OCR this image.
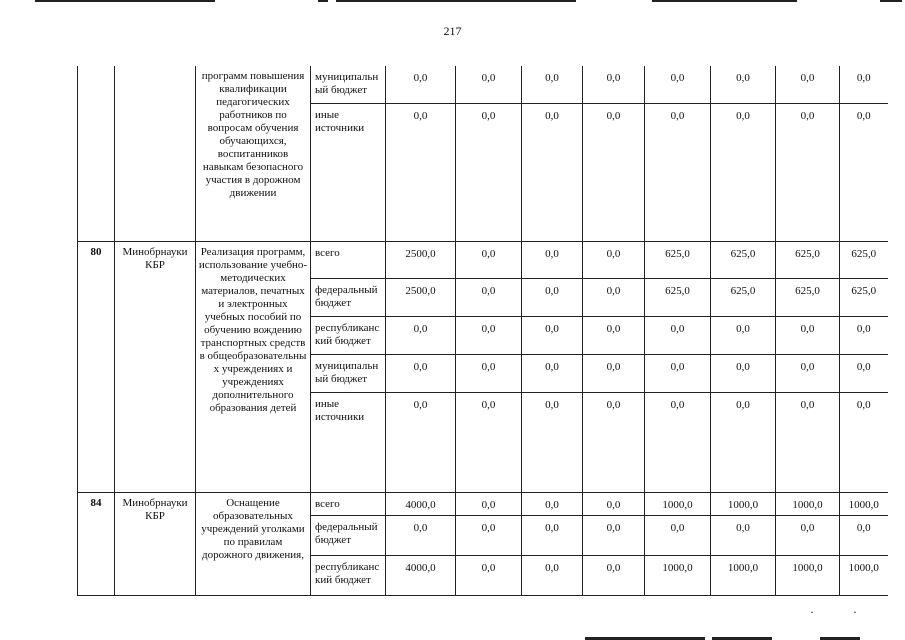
217
		программ повышения квалификации педагогических работников по вопросам обучения обучающихся, воспитанников навыкам безопасного участия в дорожном движении	муниципальн ый бюджет	0,0	0,0	0,0	0,0	0,0	0,0	0,0	0,0
			иные источники	0,0	0,0	0,0	0,0	0,0	0,0	0,0	0,0
80	Минобрнауки КБР	Реализация программ, использование учебно-методических материалов, печатных и электронных учебных пособий по обучению вождению транспортных средств в общеобразовательны х учреждениях и учреждениях дополнительного образования детей	всего	2500,0	0,0	0,0	0,0	625,0	625,0	625,0	625,0
			федеральный бюджет	2500,0	0,0	0,0	0,0	625,0	625,0	625,0	625,0
			республиканс кий бюджет	0,0	0,0	0,0	0,0	0,0	0,0	0,0	0,0
			муниципальн ый бюджет	0,0	0,0	0,0	0,0	0,0	0,0	0,0	0,0
			иные источники	0,0	0,0	0,0	0,0	0,0	0,0	0,0	0,0
84	Минобрнауки КБР	Оснащение образовательных учреждений уголками по правилам дорожного движения,	всего	4000,0	0,0	0,0	0,0	1000,0	1000,0	1000,0	1000,0
			федеральный бюджет	0,0	0,0	0,0	0,0	0,0	0,0	0,0	0,0
			республиканс кий бюджет	4000,0	0,0	0,0	0,0	1000,0	1000,0	1000,0	1000,0
· ·
